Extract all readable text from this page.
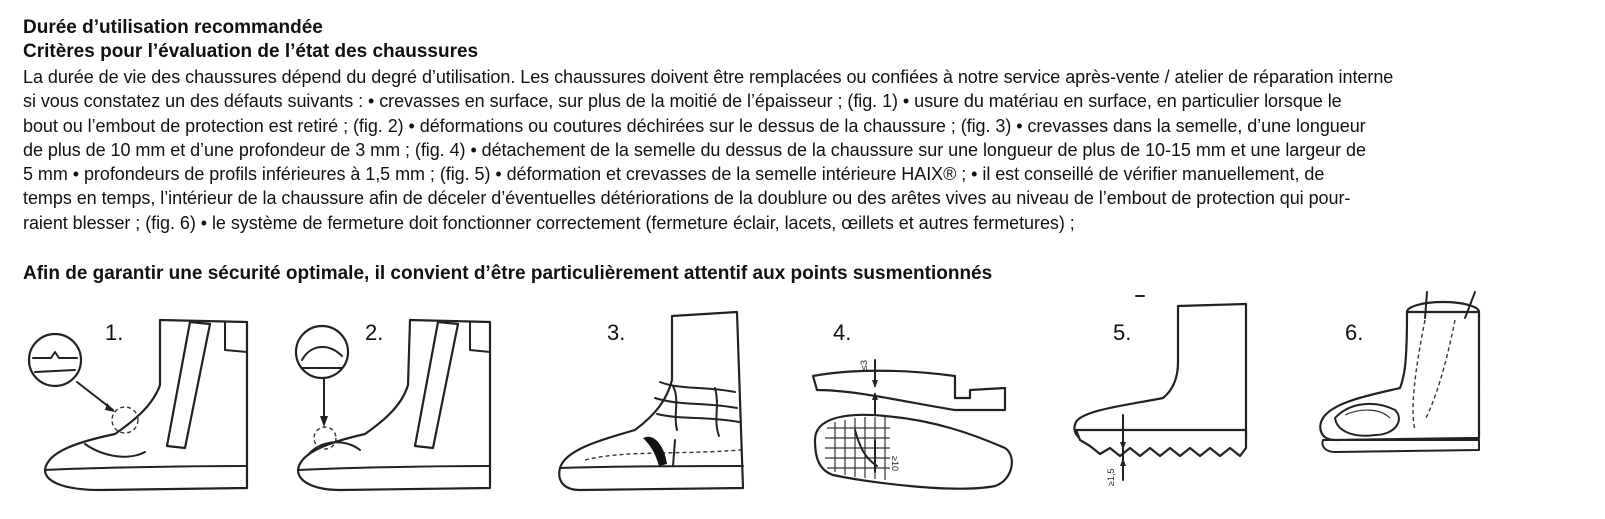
Durée d’utilisation recommandée
Critères pour l’évaluation de l’état des chaussures
La durée de vie des chaussures dépend du degré d’utilisation. Les chaussures doivent être remplacées ou confiées à notre service après-vente / atelier de réparation interne
si vous constatez un des défauts suivants : • crevasses en surface, sur plus de la moitié de l’épaisseur ; (fig. 1) • usure du matériau en surface, en particulier lorsque le
bout ou l’embout de protection est retiré ; (fig. 2) • déformations ou coutures déchirées sur le dessus de la chaussure ; (fig. 3) • crevasses dans la semelle, d’une longueur
de plus de 10 mm et d’une profondeur de 3 mm ; (fig. 4) • détachement de la semelle du dessus de la chaussure sur une longueur de plus de 10-15 mm et une largeur de
5 mm • profondeurs de profils inférieures à 1,5 mm ; (fig. 5) • déformation et crevasses de la semelle intérieure HAIX® ; • il est conseillé de vérifier manuellement, de
temps en temps, l’intérieur de la chaussure afin de déceler d’éventuelles détériorations de la doublure ou des arêtes vives au niveau de l’embout de protection qui pour-
raient blesser ; (fig. 6) • le système de fermeture doit fonctionner correctement (fermeture éclair, lacets, œillets et autres fermetures) ;
Afin de garantir une sécurité optimale, il convient d’être particulièrement attentif aux points susmentionnés
1.	2.	3.
≤3
≥10
4.
≥1,5
5.	6.
